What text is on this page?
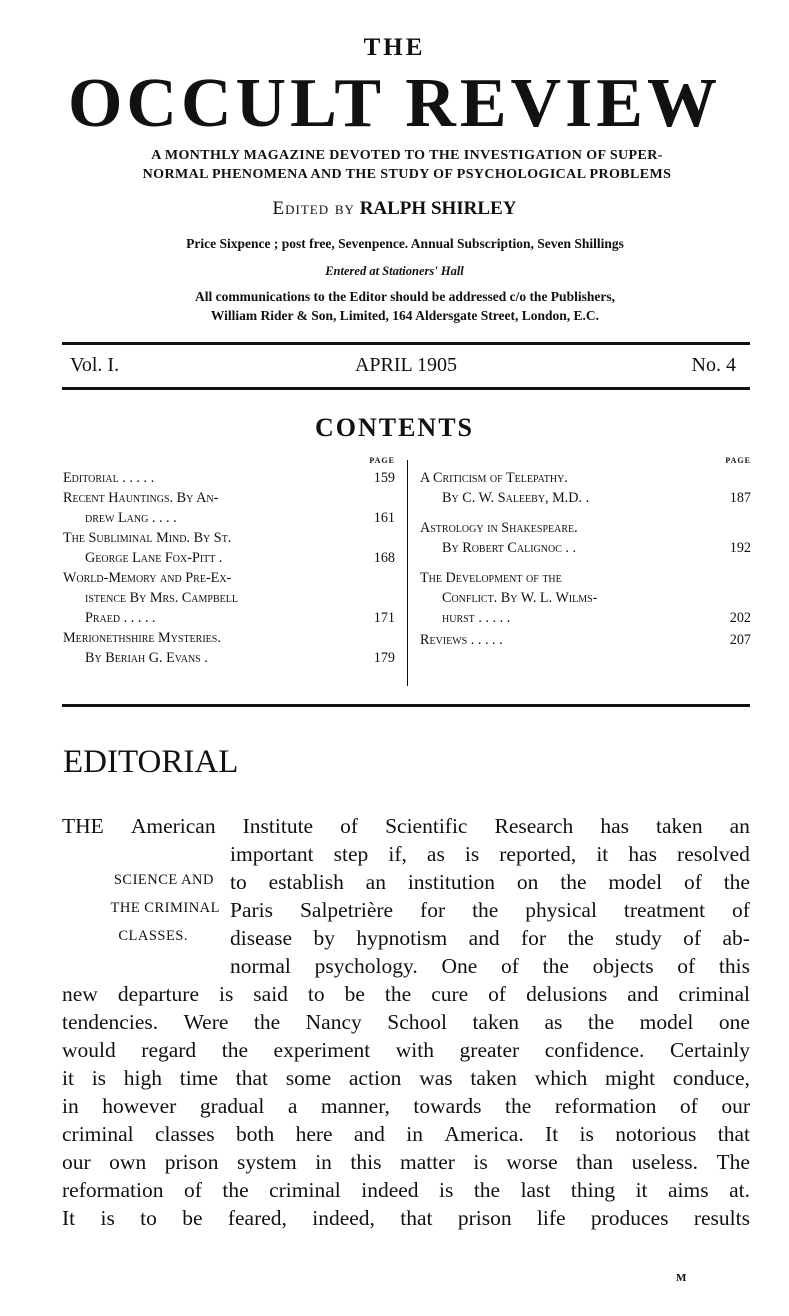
THE
OCCULT REVIEW
A MONTHLY MAGAZINE DEVOTED TO THE INVESTIGATION OF SUPER-
NORMAL PHENOMENA AND THE STUDY OF PSYCHOLOGICAL PROBLEMS
Edited by RALPH SHIRLEY
Price Sixpence ; post free, Sevenpence. Annual Subscription, Seven Shillings
Entered at Stationers' Hall
All communications to the Editor should be addressed c/o the Publishers,
William Rider & Son, Limited, 164 Aldersgate Street, London, E.C.
Vol. I.	APRIL 1905	No. 4
CONTENTS
PAGE
Editorial . . . . .	159
Recent Hauntings. By An-
drew Lang . . . .	161
The Subliminal Mind. By St.
George Lane Fox-Pitt .	168
World-Memory and Pre-Ex-
istence By Mrs. Campbell
Praed . . . . .	171
Merionethshire Mysteries.
By Beriah G. Evans .	179
PAGE
A Criticism of Telepathy.
By C. W. Saleeby, M.D. .	187
Astrology in Shakespeare.
By Robert Calignoc . .	192
The Development of the
Conflict. By W. L. Wilms-
hurst . . . . .	202
Reviews . . . . .	207
EDITORIAL
SCIENCE AND
THE CRIMINAL
CLASSES.
THE American Institute of Scientific Research has taken an
important step if, as is reported, it has resolved
to establish an institution on the model of the
Paris Salpetrière for the physical treatment of
disease by hypnotism and for the study of ab-
normal psychology. One of the objects of this
new departure is said to be the cure of delusions and criminal
tendencies. Were the Nancy School taken as the model one
would regard the experiment with greater confidence. Certainly
it is high time that some action was taken which might conduce,
in however gradual a manner, towards the reformation of our
criminal classes both here and in America. It is notorious that
our own prison system in this matter is worse than useless. The
reformation of the criminal indeed is the last thing it aims at.
It is to be feared, indeed, that prison life produces results
M
